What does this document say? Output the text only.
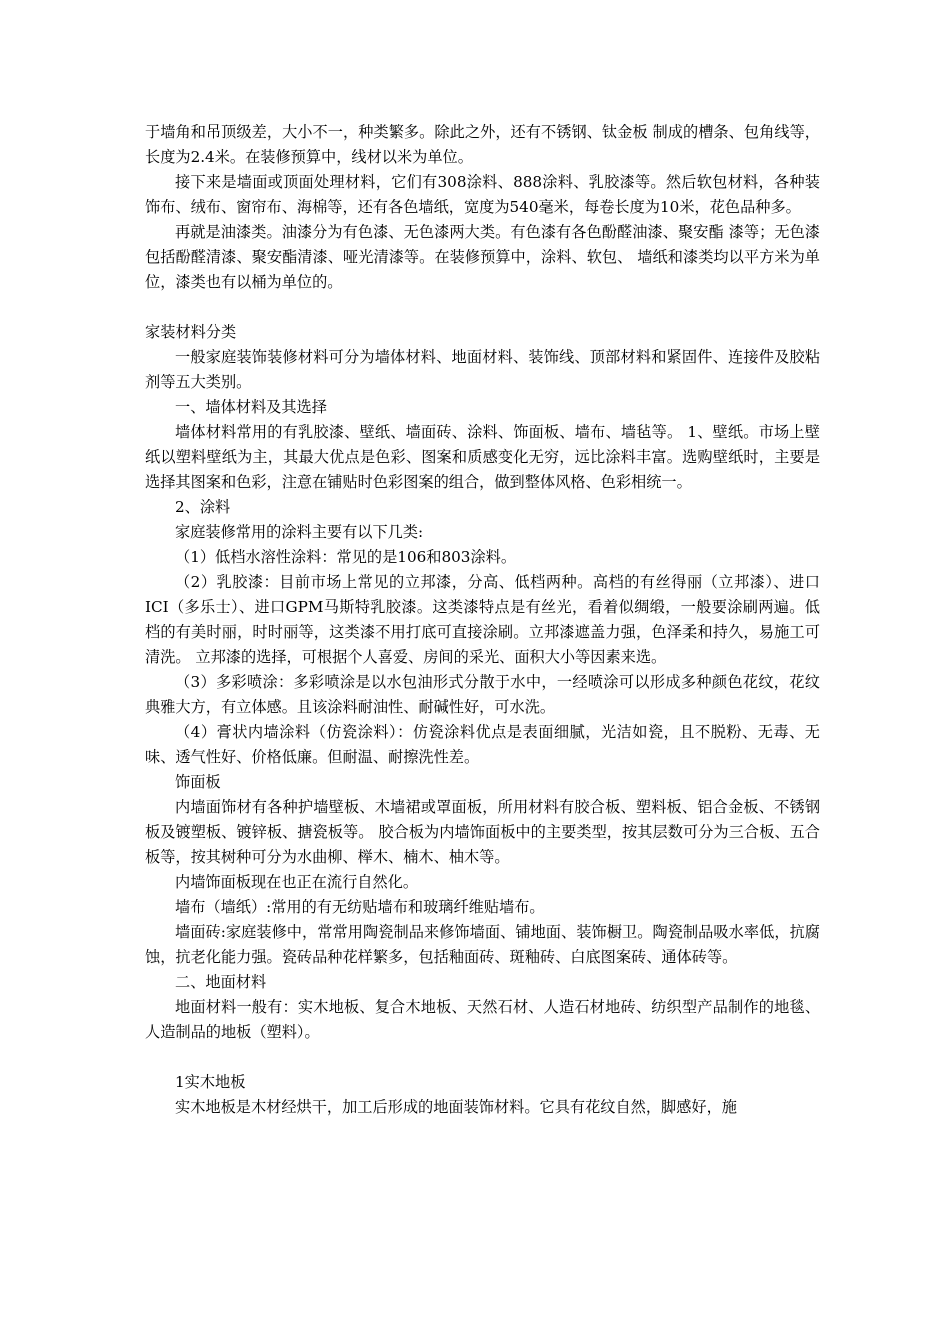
于墙角和吊顶级差，大小不一，种类繁多。除此之外，还有不锈钢、钛金板 制成的槽条、包角线等，长度为2.4米。在装修预算中，线材以米为单位。

接下来是墙面或顶面处理材料，它们有308涂料、888涂料、乳胶漆等。然后软包材料，各种装饰布、绒布、窗帘布、海棉等，还有各色墙纸，宽度为540毫米，每卷长度为10米，花色品种多。

再就是油漆类。油漆分为有色漆、无色漆两大类。有色漆有各色酚醛油漆、聚安酯 漆等；无色漆包括酚醛清漆、聚安酯清漆、哑光清漆等。在装修预算中，涂料、软包、 墙纸和漆类均以平方米为单位，漆类也有以桶为单位的。

家装材料分类

一般家庭装饰装修材料可分为墙体材料、地面材料、装饰线、顶部材料和紧固件、连接件及胶粘剂等五大类别。

一、墙体材料及其选择

墙体材料常用的有乳胶漆、壁纸、墙面砖、涂料、饰面板、墙布、墙毡等。 1、壁纸。市场上壁纸以塑料壁纸为主，其最大优点是色彩、图案和质感变化无穷，远比涂料丰富。选购壁纸时，主要是选择其图案和色彩，注意在铺贴时色彩图案的组合，做到整体风格、色彩相统一。

2、涂料

家庭装修常用的涂料主要有以下几类:

（1）低档水溶性涂料：常见的是106和803涂料。

（2）乳胶漆：目前市场上常见的立邦漆，分高、低档两种。高档的有丝得丽（立邦漆）、进口ICI（多乐士）、进口GPM马斯特乳胶漆。这类漆特点是有丝光，看着似绸缎，一般要涂刷两遍。低档的有美时丽，时时丽等，这类漆不用打底可直接涂刷。立邦漆遮盖力强，色泽柔和持久，易施工可清洗。 立邦漆的选择，可根据个人喜爱、房间的采光、面积大小等因素来选。

（3）多彩喷涂：多彩喷涂是以水包油形式分散于水中，一经喷涂可以形成多种颜色花纹，花纹典雅大方，有立体感。且该涂料耐油性、耐碱性好，可水洗。

（4）膏状内墙涂料（仿瓷涂料）：仿瓷涂料优点是表面细腻，光洁如瓷，且不脱粉、无毒、无味、透气性好、价格低廉。但耐温、耐擦洗性差。

饰面板

内墙面饰材有各种护墙壁板、木墙裙或罩面板，所用材料有胶合板、塑料板、铝合金板、不锈钢板及镀塑板、镀锌板、搪瓷板等。 胶合板为内墙饰面板中的主要类型，按其层数可分为三合板、五合板等，按其树种可分为水曲柳、榉木、楠木、柚木等。

内墙饰面板现在也正在流行自然化。

墙布（墙纸）:常用的有无纺贴墙布和玻璃纤维贴墙布。

墙面砖:家庭装修中，常常用陶瓷制品来修饰墙面、铺地面、装饰橱卫。陶瓷制品吸水率低，抗腐蚀，抗老化能力强。瓷砖品种花样繁多，包括釉面砖、斑釉砖、白底图案砖、通体砖等。

二、地面材料

地面材料一般有：实木地板、复合木地板、天然石材、人造石材地砖、纺织型产品制作的地毯、人造制品的地板（塑料）。

1实木地板

实木地板是木材经烘干，加工后形成的地面装饰材料。它具有花纹自然，脚感好，施
